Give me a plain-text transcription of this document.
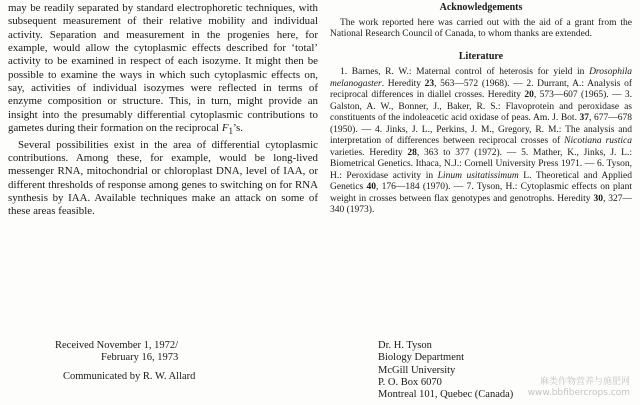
may be readily separated by standard electrophoretic techniques, with subsequent measurement of their relative mobility and individual activity. Separation and measurement in the progenies here, for example, would allow the cytoplasmic effects described for ‘total’ activity to be examined in respect of each isozyme. It might then be possible to examine the ways in which such cytoplasmic effects on, say, activities of individual isozymes were reflected in terms of enzyme composition or structure. This, in turn, might provide an insight into the presumably differential cytoplasmic contributions to gametes during their formation on the reciprocal $F_1’s$.

Several possibilities exist in the area of differential cytoplasmic contributions. Among these, for example, would be long-lived messenger RNA, mitochondrial or chloroplast DNA, level of IAA, or different thresholds of response among genes to switching on for RNA synthesis by IAA. Available techniques make an attack on some of these areas feasible.

Acknowledgements

The work reported here was carried out with the aid of a grant from the National Research Council of Canada, to whom thanks are extended.

Literature

1. Barnes, R. W.: Maternal control of heterosis for yield in Drosophila melanogaster. Heredity 23, 563—572 (1968). — 2. Durrant, A.: Analysis of reciprocal differences in diallel crosses. Heredity 20, 573—607 (1965). — 3. Galston, A. W., Bonner, J., Baker, R. S.: Flavoprotein and peroxidase as constituents of the indoleacetic acid oxidase of peas. Am. J. Bot. 37, 677—678 (1950). — 4. Jinks, J. L., Perkins, J. M., Gregory, R. M.: The analysis and interpretation of differences between reciprocal crosses of Nicotiana rustica varieties. Heredity 28, 363 to 377 (1972). — 5. Mather, K., Jinks, J. L.: Biometrical Genetics. Ithaca, N.J.: Cornell University Press 1971. — 6. Tyson, H.: Peroxidase activity in Linum usitatissimum L. Theoretical and Applied Genetics 40, 176—184 (1970). — 7. Tyson, H.: Cytoplasmic effects on plant weight in crosses between flax genotypes and genotrophs. Heredity 30, 327—340 (1973).

Received November 1, 1972/
February 16, 1973
Communicated by R. W. Allard
Dr. H. Tyson
Biology Department
McGill University
P. O. Box 6070
Montreal 101, Quebec (Canada)
麻类作物营养与施肥网
www.bbfibercrops.com
